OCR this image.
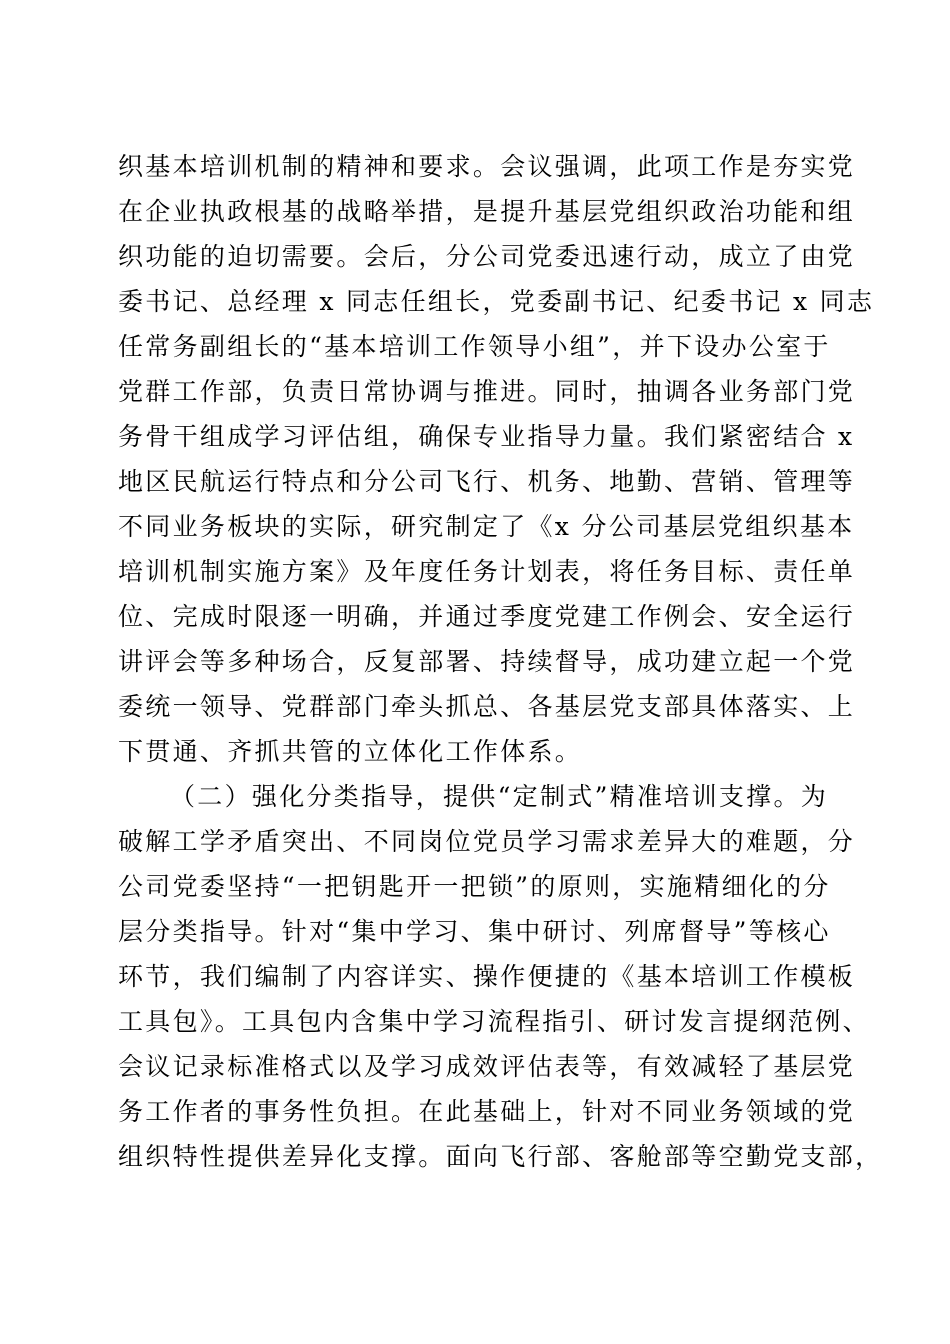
织基本培训机制的精神和要求。会议强调，此项工作是夯实党
在企业执政根基的战略举措，是提升基层党组织政治功能和组
织功能的迫切需要。会后，分公司党委迅速行动，成立了由党
委书记、总经理 x 同志任组长，党委副书记、纪委书记 x 同志
任常务副组长的“基本培训工作领导小组”，并下设办公室于
党群工作部，负责日常协调与推进。同时，抽调各业务部门党
务骨干组成学习评估组，确保专业指导力量。我们紧密结合 x
地区民航运行特点和分公司飞行、机务、地勤、营销、管理等
不同业务板块的实际，研究制定了《x 分公司基层党组织基本
培训机制实施方案》及年度任务计划表，将任务目标、责任单
位、完成时限逐一明确，并通过季度党建工作例会、安全运行
讲评会等多种场合，反复部署、持续督导，成功建立起一个党
委统一领导、党群部门牵头抓总、各基层党支部具体落实、上
下贯通、齐抓共管的立体化工作体系。
（二）强化分类指导，提供“定制式”精准培训支撑。为
破解工学矛盾突出、不同岗位党员学习需求差异大的难题，分
公司党委坚持“一把钥匙开一把锁”的原则，实施精细化的分
层分类指导。针对“集中学习、集中研讨、列席督导”等核心
环节，我们编制了内容详实、操作便捷的《基本培训工作模板
工具包》。工具包内含集中学习流程指引、研讨发言提纲范例、
会议记录标准格式以及学习成效评估表等，有效减轻了基层党
务工作者的事务性负担。在此基础上，针对不同业务领域的党
组织特性提供差异化支撑。面向飞行部、客舱部等空勤党支部，
